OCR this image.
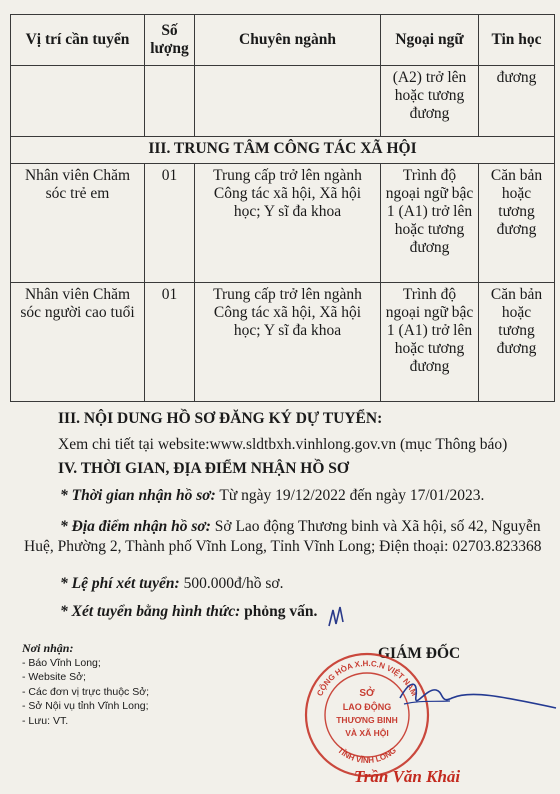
Vị trí cần tuyển	Số lượng	Chuyên ngành	Ngoại ngữ	Tin học
			(A2) trở lên hoặc tương đương	đương
III. TRUNG TÂM CÔNG TÁC XÃ HỘI				
Nhân viên Chăm sóc trẻ em	01	Trung cấp trở lên ngành Công tác xã hội, Xã hội học; Y sĩ đa khoa	Trình độ ngoại ngữ bậc 1 (A1) trở lên hoặc tương đương	Căn bản hoặc tương đương
Nhân viên Chăm sóc người cao tuổi	01	Trung cấp trở lên ngành Công tác xã hội, Xã hội học; Y sĩ đa khoa	Trình độ ngoại ngữ bậc 1 (A1) trở lên hoặc tương đương	Căn bản hoặc tương đương
III. NỘI DUNG HỒ SƠ ĐĂNG KÝ DỰ TUYỂN:
Xem chi tiết tại website:www.sldtbxh.vinhlong.gov.vn (mục Thông báo)
IV. THỜI GIAN, ĐỊA ĐIỂM NHẬN HỒ SƠ
* Thời gian nhận hồ sơ: Từ ngày 19/12/2022 đến ngày 17/01/2023.
* Địa điểm nhận hồ sơ: Sở Lao động Thương binh và Xã hội, số 42, Nguyễn Huệ, Phường 2, Thành phố Vĩnh Long, Tỉnh Vĩnh Long; Điện thoại: 02703.823368
* Lệ phí xét tuyển: 500.000đ/hồ sơ.
* Xét tuyển bằng hình thức: phỏng vấn.
Nơi nhận:
- Báo Vĩnh Long;
- Website Sở;
- Các đơn vị trực thuộc Sở;
- Sở Nội vụ tỉnh Vĩnh Long;
- Lưu: VT.
GIÁM ĐỐC
CỘNG HÒA X.H.C.N VIỆT NAM
TỈNH VĨNH LONG
SỞ
LAO ĐỘNG
THƯƠNG BINH
VÀ XÃ HỘI
Trần Văn Khải
